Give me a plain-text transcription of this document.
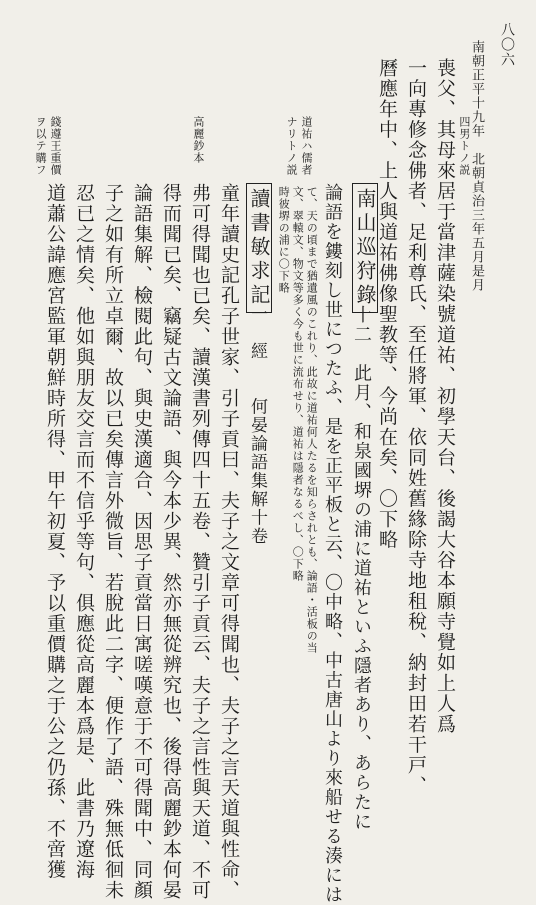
八〇六
南朝正平十九年　北朝貞治三年五月是月
喪父、其母來居于當津薩染號道祐、初學天台、後謁大谷本願寺覺如上人爲
一向專修念佛者、足利尊氏、至任將軍、依同姓舊緣除寺地租稅、納封田若干戸、
曆應年中、上人與道祐佛像聖教等、今尚在矣、〇下略
南山巡狩錄
十二　此月、和泉國堺の浦に道祐といふ隱者あり、あらたに
論語を鏤刻し世につたふ、是を正平板と云、〇中略、中古唐山より來船せる湊には
て、天の頃まで猶遺風のこれり、此故に道祐何人たるを知らされとも、論語・活板の当
文、翠轅文、物文等多く今も世に流布せり、道祐は隱者なるべし、〇下略
時彼堺の浦に〇下略
讀書敏求記
一　經　　何晏論語集解十卷
童年讀史記孔子世家、引子貢曰、夫子之文章可得聞也、夫子之言天道與性命、
弗可得聞也已矣、讀漢書列傳四十五卷、贊引子貢云、夫子之言性與天道、不可
得而聞已矣、竊疑古文論語、與今本少異、然亦無從辨究也、後得高麗鈔本何晏
論語集解、檢閱此句、與史漢適合、因思子貢當日寓嗟嘆意于不可得聞中、同顏
子之如有所立卓爾、故以已矣傳言外微旨、若脫此二字、便作了語、殊無低徊未
忍已之情矣、他如與朋友交言而不信乎等句、俱應從高麗本爲是、此書乃遼海
道蕭公諱應宮監軍朝鮮時所得、甲午初夏、予以重價購之于公之仍孫、不啻獲
四男トノ説
道祐ハ儒者ナリトノ説
高麗鈔本
錢遵王重價ヲ以テ購フ
